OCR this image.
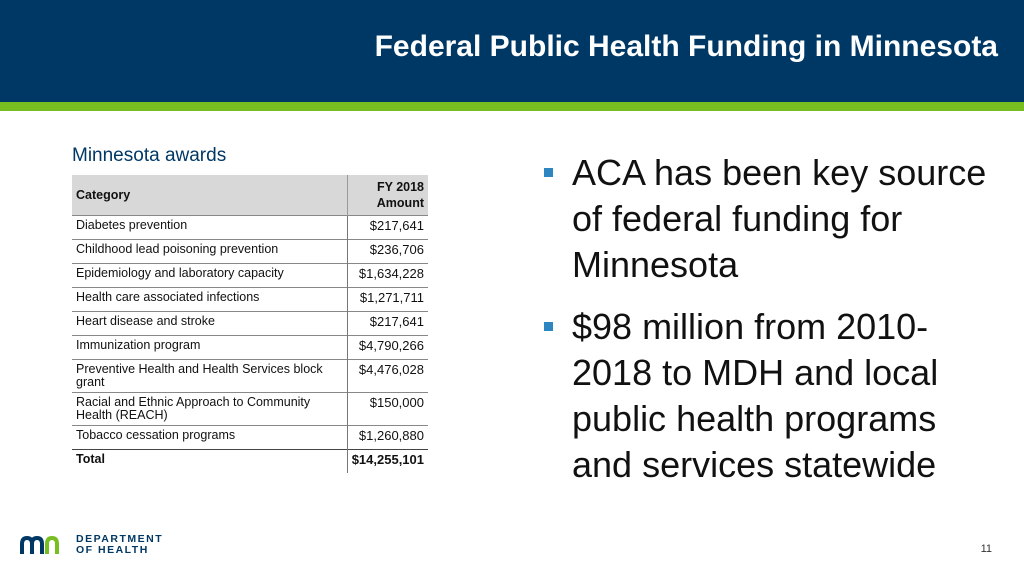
Federal Public Health Funding in Minnesota
Minnesota awards
Category	FY 2018
Amount

Diabetes prevention	$217,641
Childhood lead poisoning prevention	$236,706
Epidemiology and laboratory capacity	$1,634,228
Health care associated infections	$1,271,711
Heart disease and stroke	$217,641
Immunization program	$4,790,266
Preventive Health and Health Services block grant	$4,476,028
Racial and Ethnic Approach to Community Health (REACH)	$150,000
Tobacco cessation programs	$1,260,880
Total	$14,255,101
ACA has been key source of federal funding for Minnesota
$98 million from 2010-2018 to MDH and local public health programs and services statewide
DEPARTMENT
OF HEALTH	11
